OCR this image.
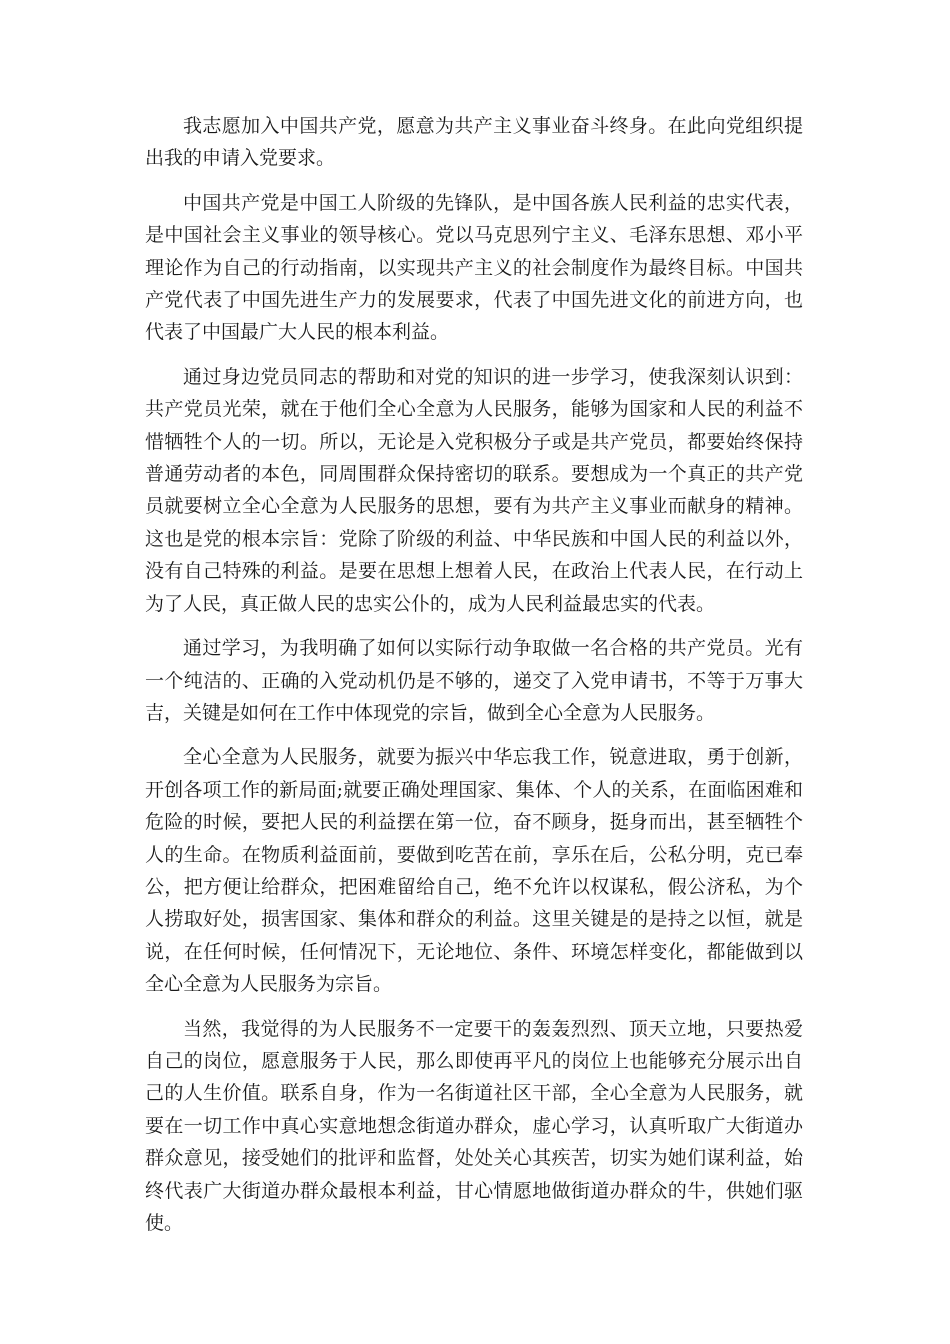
我志愿加入中国共产党，愿意为共产主义事业奋斗终身。在此向党组织提出我的申请入党要求。

中国共产党是中国工人阶级的先锋队，是中国各族人民利益的忠实代表，是中国社会主义事业的领导核心。党以马克思列宁主义、毛泽东思想、邓小平理论作为自己的行动指南，以实现共产主义的社会制度作为最终目标。中国共产党代表了中国先进生产力的发展要求，代表了中国先进文化的前进方向，也代表了中国最广大人民的根本利益。

通过身边党员同志的帮助和对党的知识的进一步学习，使我深刻认识到：共产党员光荣，就在于他们全心全意为人民服务，能够为国家和人民的利益不惜牺牲个人的一切。所以，无论是入党积极分子或是共产党员，都要始终保持普通劳动者的本色，同周围群众保持密切的联系。要想成为一个真正的共产党员就要树立全心全意为人民服务的思想，要有为共产主义事业而献身的精神。这也是党的根本宗旨：党除了阶级的利益、中华民族和中国人民的利益以外，没有自己特殊的利益。是要在思想上想着人民，在政治上代表人民，在行动上为了人民，真正做人民的忠实公仆的，成为人民利益最忠实的代表。

通过学习，为我明确了如何以实际行动争取做一名合格的共产党员。光有一个纯洁的、正确的入党动机仍是不够的，递交了入党申请书，不等于万事大吉，关键是如何在工作中体现党的宗旨，做到全心全意为人民服务。

全心全意为人民服务，就要为振兴中华忘我工作，锐意进取，勇于创新，开创各项工作的新局面;就要正确处理国家、集体、个人的关系，在面临困难和危险的时候，要把人民的利益摆在第一位，奋不顾身，挺身而出，甚至牺牲个人的生命。在物质利益面前，要做到吃苦在前，享乐在后，公私分明，克已奉公，把方便让给群众，把困难留给自己，绝不允许以权谋私，假公济私，为个人捞取好处，损害国家、集体和群众的利益。这里关键是的是持之以恒，就是说，在任何时候，任何情况下，无论地位、条件、环境怎样变化，都能做到以全心全意为人民服务为宗旨。

当然，我觉得的为人民服务不一定要干的轰轰烈烈、顶天立地，只要热爱自己的岗位，愿意服务于人民，那么即使再平凡的岗位上也能够充分展示出自己的人生价值。联系自身，作为一名街道社区干部，全心全意为人民服务，就要在一切工作中真心实意地想念街道办群众，虚心学习，认真听取广大街道办群众意见，接受她们的批评和监督，处处关心其疾苦，切实为她们谋利益，始终代表广大街道办群众最根本利益，甘心情愿地做街道办群众的牛，供她们驱使。
